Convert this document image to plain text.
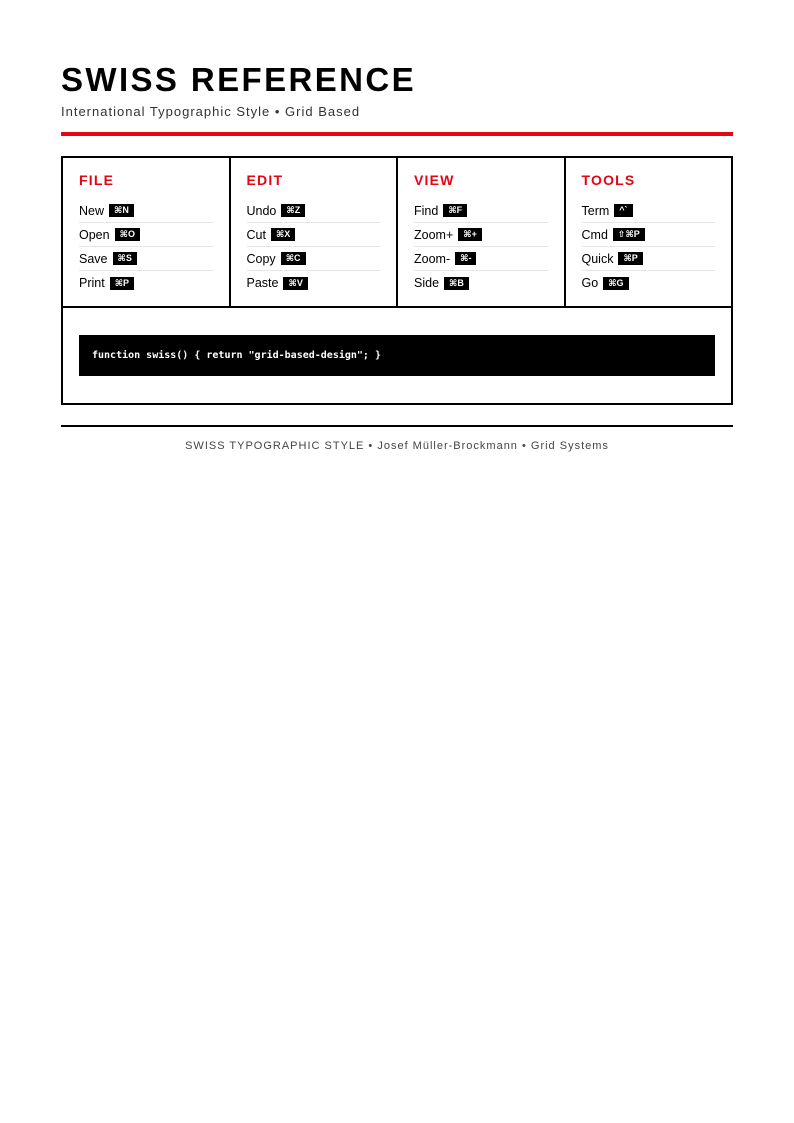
SWISS REFERENCE
International Typographic Style • Grid Based
FILE
New	⌘N
Open	⌘O
Save	⌘S
Print	⌘P
EDIT
Undo	⌘Z
Cut	⌘X
Copy	⌘C
Paste	⌘V
VIEW
Find	⌘F
Zoom+	⌘+
Zoom-	⌘-
Side	⌘B
TOOLS
Term	^`
Cmd	⇧⌘P
Quick	⌘P
Go	⌘G
function swiss() { return "grid-based-design"; }
SWISS TYPOGRAPHIC STYLE • Josef Müller-Brockmann • Grid Systems
